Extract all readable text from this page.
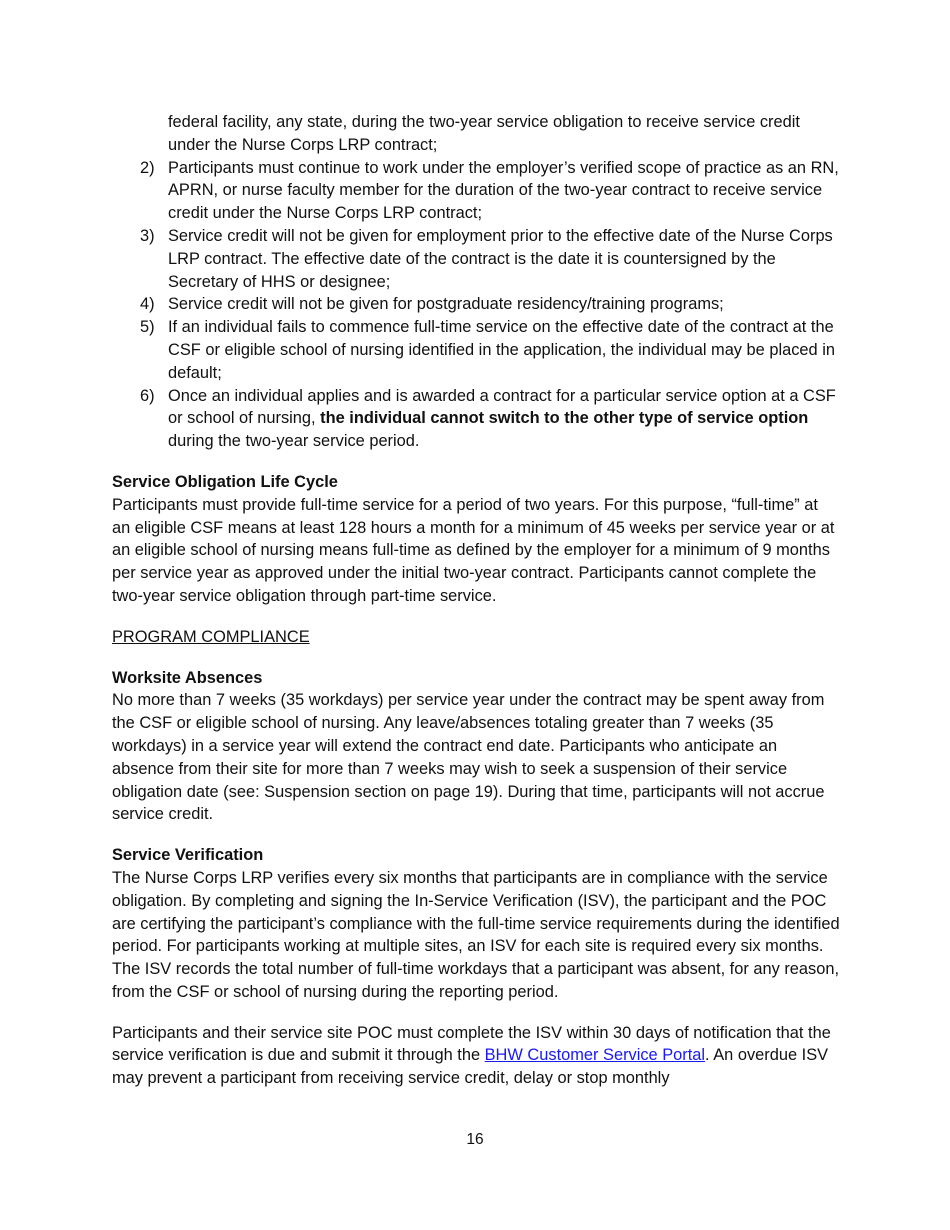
federal facility, any state, during the two-year service obligation to receive service credit under the Nurse Corps LRP contract;

2) Participants must continue to work under the employer’s verified scope of practice as an RN, APRN, or nurse faculty member for the duration of the two-year contract to receive service credit under the Nurse Corps LRP contract;
3) Service credit will not be given for employment prior to the effective date of the Nurse Corps LRP contract. The effective date of the contract is the date it is countersigned by the Secretary of HHS or designee;
4) Service credit will not be given for postgraduate residency/training programs;
5) If an individual fails to commence full-time service on the effective date of the contract at the CSF or eligible school of nursing identified in the application, the individual may be placed in default;
6) Once an individual applies and is awarded a contract for a particular service option at a CSF or school of nursing, the individual cannot switch to the other type of service option during the two-year service period.

Service Obligation Life Cycle

Participants must provide full-time service for a period of two years. For this purpose, “full-time” at an eligible CSF means at least 128 hours a month for a minimum of 45 weeks per service year or at an eligible school of nursing means full-time as defined by the employer for a minimum of 9 months per service year as approved under the initial two-year contract. Participants cannot complete the two-year service obligation through part-time service.

PROGRAM COMPLIANCE

Worksite Absences

No more than 7 weeks (35 workdays) per service year under the contract may be spent away from the CSF or eligible school of nursing. Any leave/absences totaling greater than 7 weeks (35 workdays) in a service year will extend the contract end date. Participants who anticipate an absence from their site for more than 7 weeks may wish to seek a suspension of their service obligation date (see: Suspension section on page 19). During that time, participants will not accrue service credit.

Service Verification

The Nurse Corps LRP verifies every six months that participants are in compliance with the service obligation. By completing and signing the In-Service Verification (ISV), the participant and the POC are certifying the participant’s compliance with the full-time service requirements during the identified period. For participants working at multiple sites, an ISV for each site is required every six months. The ISV records the total number of full-time workdays that a participant was absent, for any reason, from the CSF or school of nursing during the reporting period.

Participants and their service site POC must complete the ISV within 30 days of notification that the service verification is due and submit it through the BHW Customer Service Portal. An overdue ISV may prevent a participant from receiving service credit, delay or stop monthly

16
